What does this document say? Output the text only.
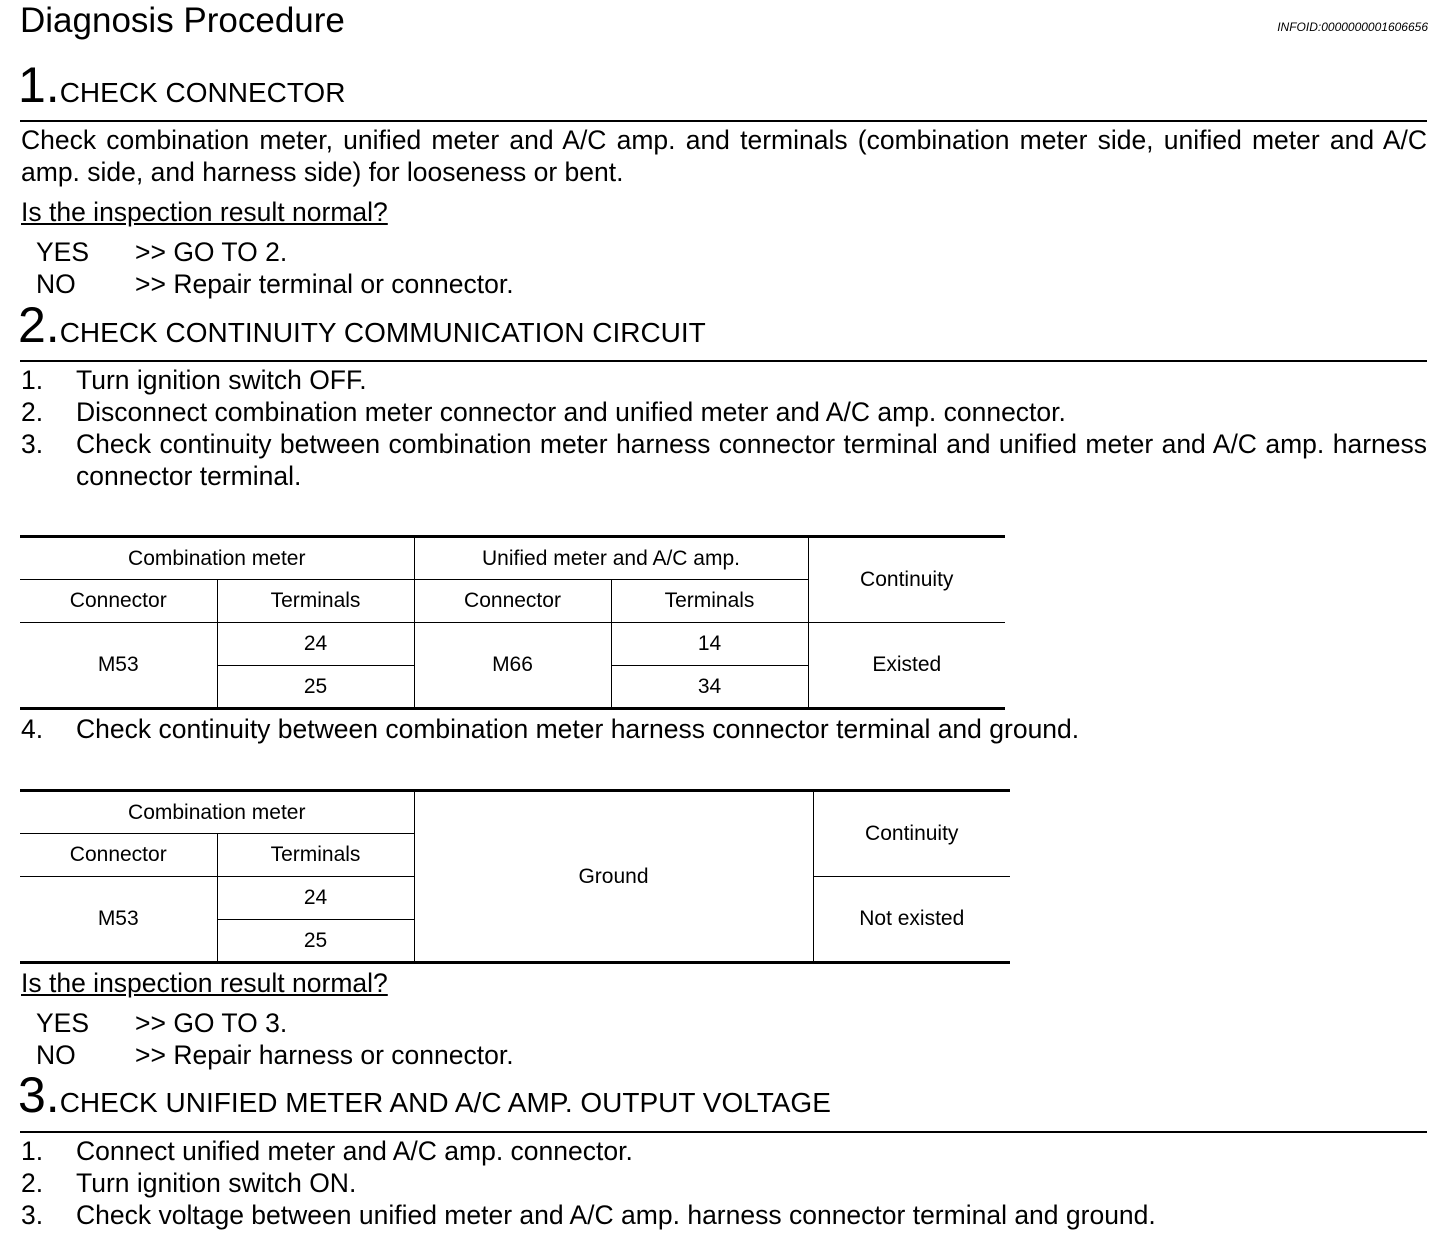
Diagnosis Procedure	INFOID:0000000001606656
1.CHECK CONNECTOR
Check combination meter, unified meter and A/C amp. and terminals (combination meter side, unified meter and A/C amp. side, and harness side) for looseness or bent.
Is the inspection result normal?
YES >> GO TO 2.
NO >> Repair terminal or connector.
2.CHECK CONTINUITY COMMUNICATION CIRCUIT
1. Turn ignition switch OFF.
2. Disconnect combination meter connector and unified meter and A/C amp. connector.
3. Check continuity between combination meter harness connector terminal and unified meter and A/C amp. harness connector terminal.
Combination meter		Unified meter and A/C amp.		Continuity
Connector	Terminals	Connector	Terminals	
M53	24	M66	14	Existed
	25		34	
4. Check continuity between combination meter harness connector terminal and ground.
Combination meter		Ground	Continuity
Connector	Terminals		
M53	24		Not existed
	25		
Is the inspection result normal?
YES >> GO TO 3.
NO >> Repair harness or connector.
3.CHECK UNIFIED METER AND A/C AMP. OUTPUT VOLTAGE
1. Connect unified meter and A/C amp. connector.
2. Turn ignition switch ON.
3. Check voltage between unified meter and A/C amp. harness connector terminal and ground.
